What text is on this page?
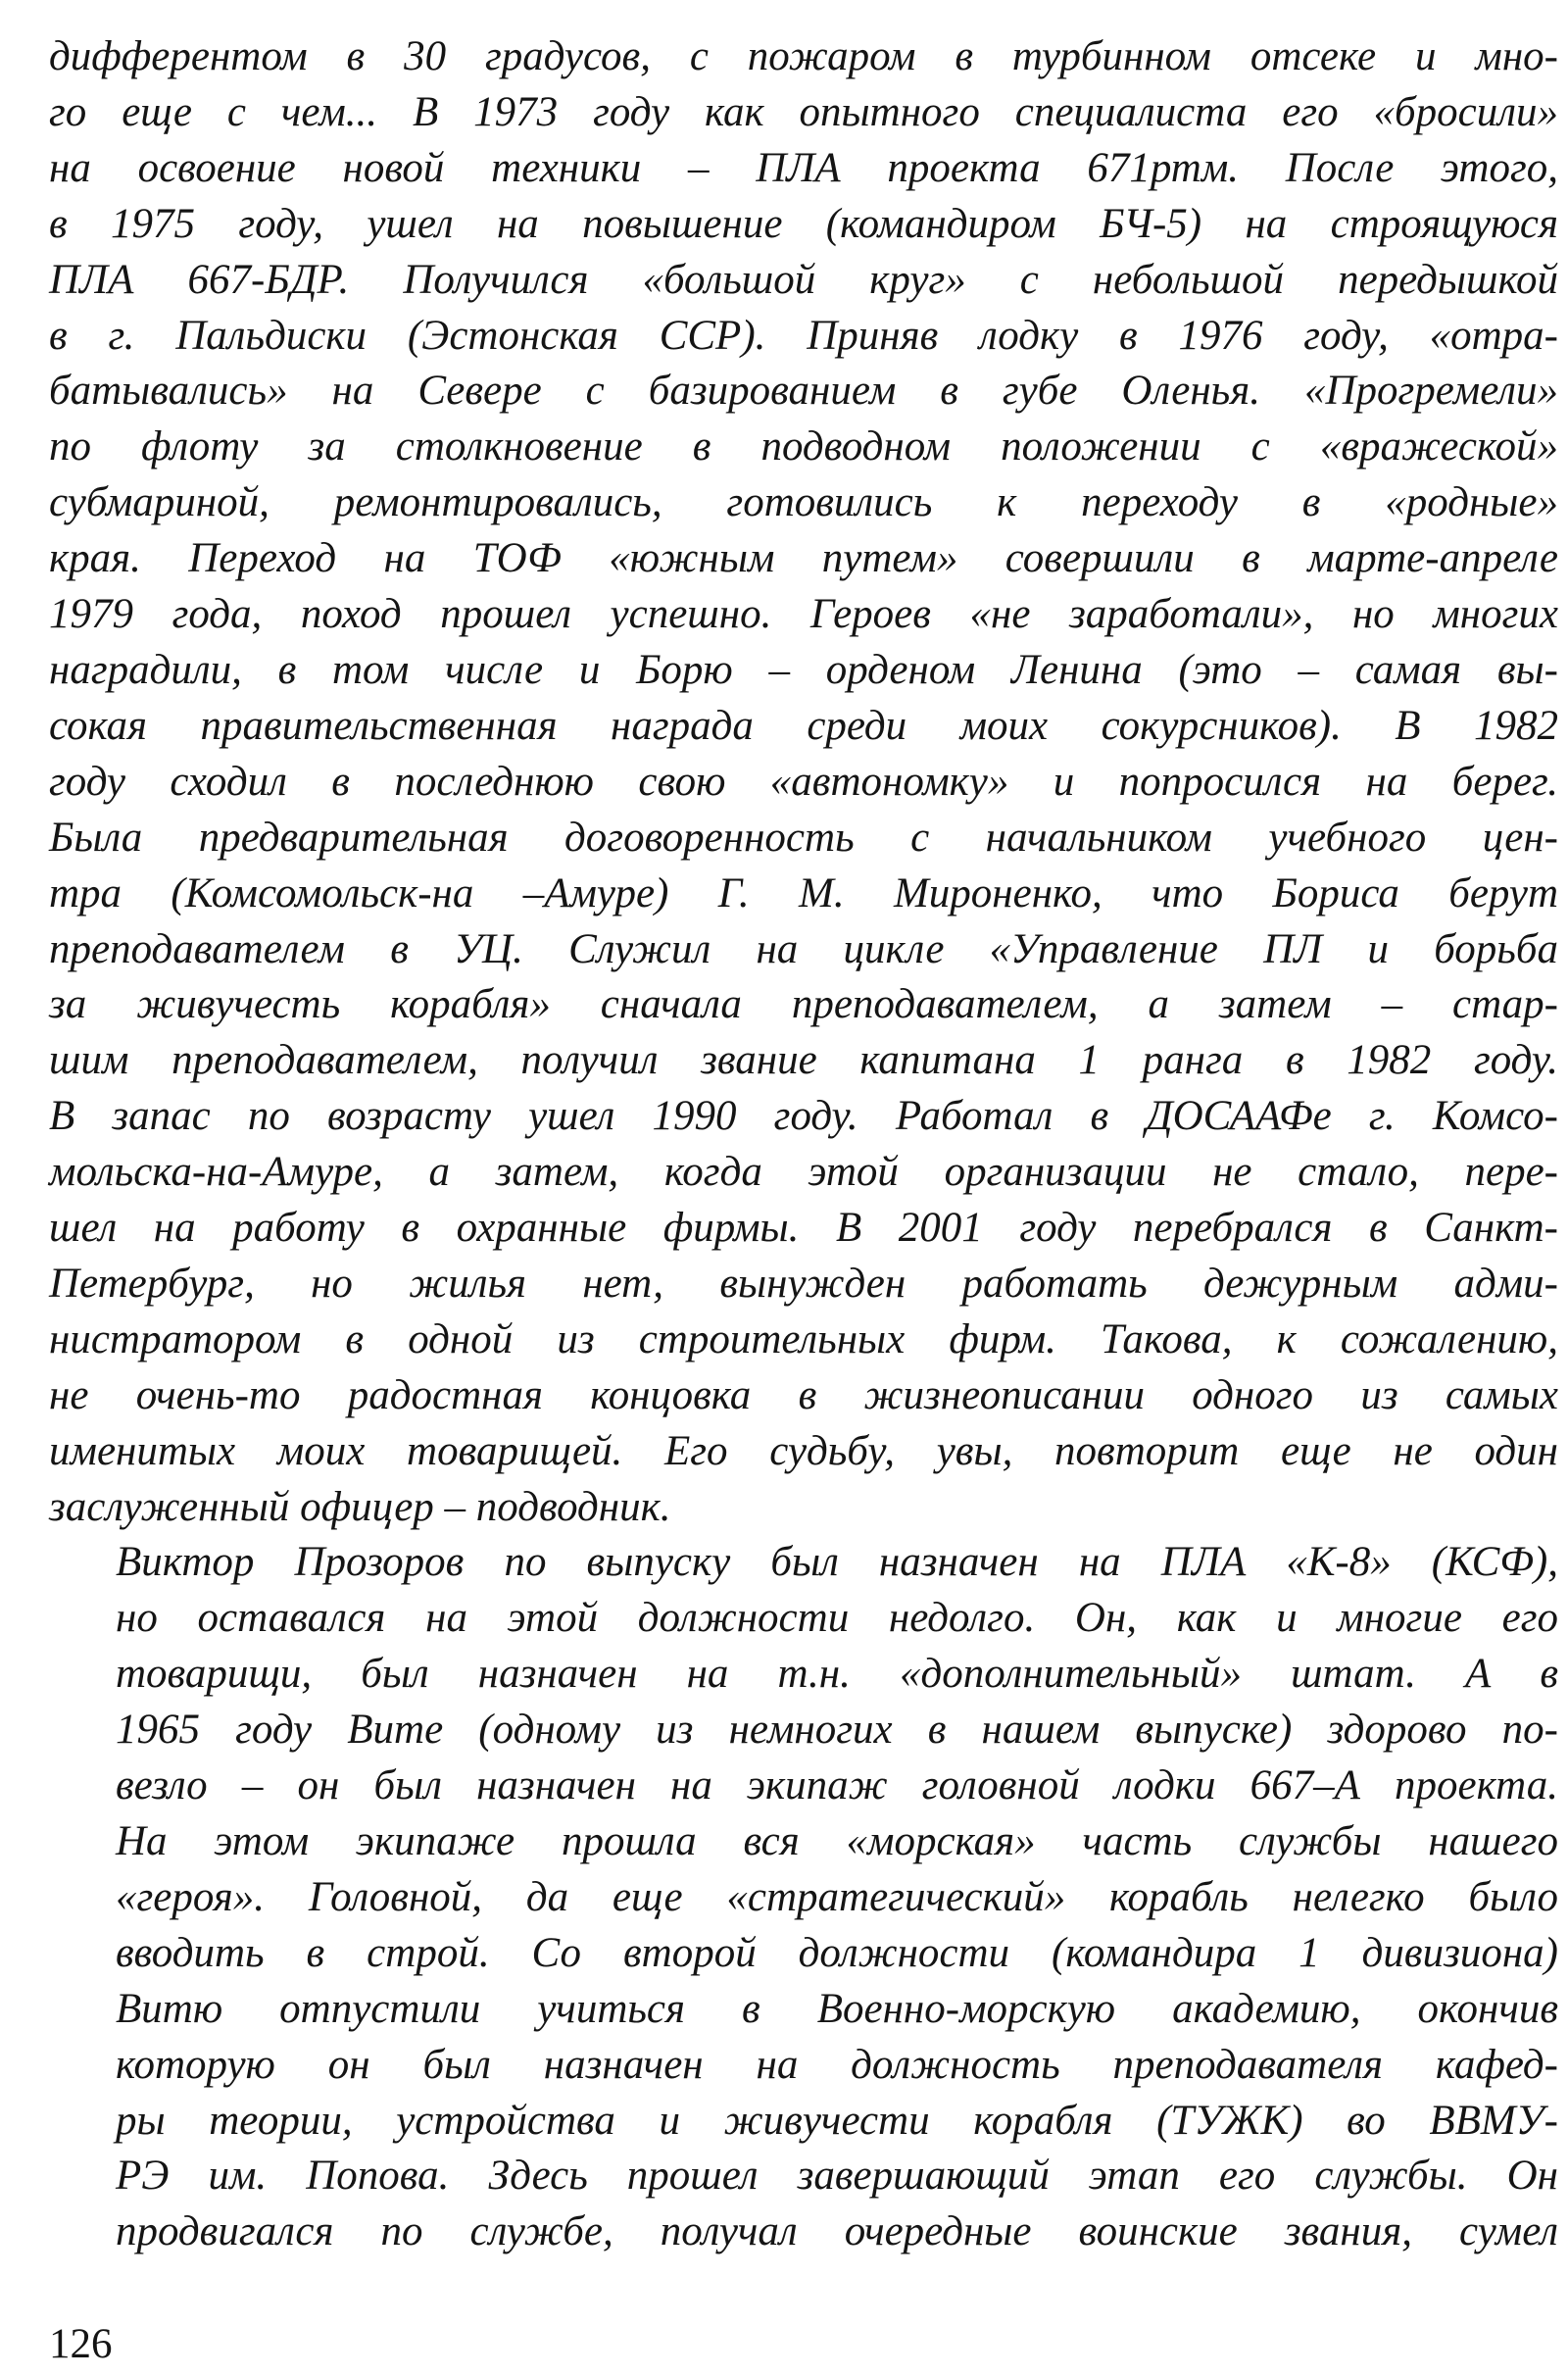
дифферентом в 30 градусов, с пожаром в турбинном отсеке и мно-
го еще с чем... В 1973 году как опытного специалиста его «бросили»
на освоение новой техники – ПЛА проекта 671ртм. После этого,
в 1975 году, ушел на повышение (командиром БЧ-5) на строящуюся
ПЛА 667-БДР. Получился «большой круг» с небольшой передышкой
в г. Пальдиски (Эстонская ССР). Приняв лодку в 1976 году, «отра-
батывались» на Севере с базированием в губе Оленья. «Прогремели»
по флоту за столкновение в подводном положении с «вражеской»
субмариной, ремонтировались, готовились к переходу в «родные»
края. Переход на ТОФ «южным путем» совершили в марте-апреле
1979 года, поход прошел успешно. Героев «не заработали», но многих
наградили, в том числе и Борю – орденом Ленина (это – самая вы-
сокая правительственная награда среди моих сокурсников). В 1982
году сходил в последнюю свою «автономку» и попросился на берег.
Была предварительная договоренность с начальником учебного цен-
тра (Комсомольск-на –Амуре) Г. М. Мироненко, что Бориса берут
преподавателем в УЦ. Служил на цикле «Управление ПЛ и борьба
за живучесть корабля» сначала преподавателем, а затем – стар-
шим преподавателем, получил звание капитана 1 ранга в 1982 году.
В запас по возрасту ушел 1990 году. Работал в ДОСААФе г. Комсо-
мольска-на-Амуре, а затем, когда этой организации не стало, пере-
шел на работу в охранные фирмы. В 2001 году перебрался в Санкт-
Петербург, но жилья нет, вынужден работать дежурным адми-
нистратором в одной из строительных фирм. Такова, к сожалению,
не очень-то радостная концовка в жизнеописании одного из самых
именитых моих товарищей. Его судьбу, увы, повторит еще не один
заслуженный офицер – подводник.

Виктор Прозоров по выпуску был назначен на ПЛА «К-8» (КСФ),
но оставался на этой должности недолго. Он, как и многие его
товарищи, был назначен на т.н. «дополнительный» штат. А в
1965 году Вите (одному из немногих в нашем выпуске) здорово по-
везло – он был назначен на экипаж головной лодки 667–А проекта.
На этом экипаже прошла вся «морская» часть службы нашего
«героя». Головной, да еще «стратегический» корабль нелегко было
вводить в строй. Со второй должности (командира 1 дивизиона)
Витю отпустили учиться в Военно-морскую академию, окончив
которую он был назначен на должность преподавателя кафед-
ры теории, устройства и живучести корабля (ТУЖК) во ВВМУ-
РЭ им. Попова. Здесь прошел завершающий этап его службы. Он
продвигался по службе, получал очередные воинские звания, сумел

126
